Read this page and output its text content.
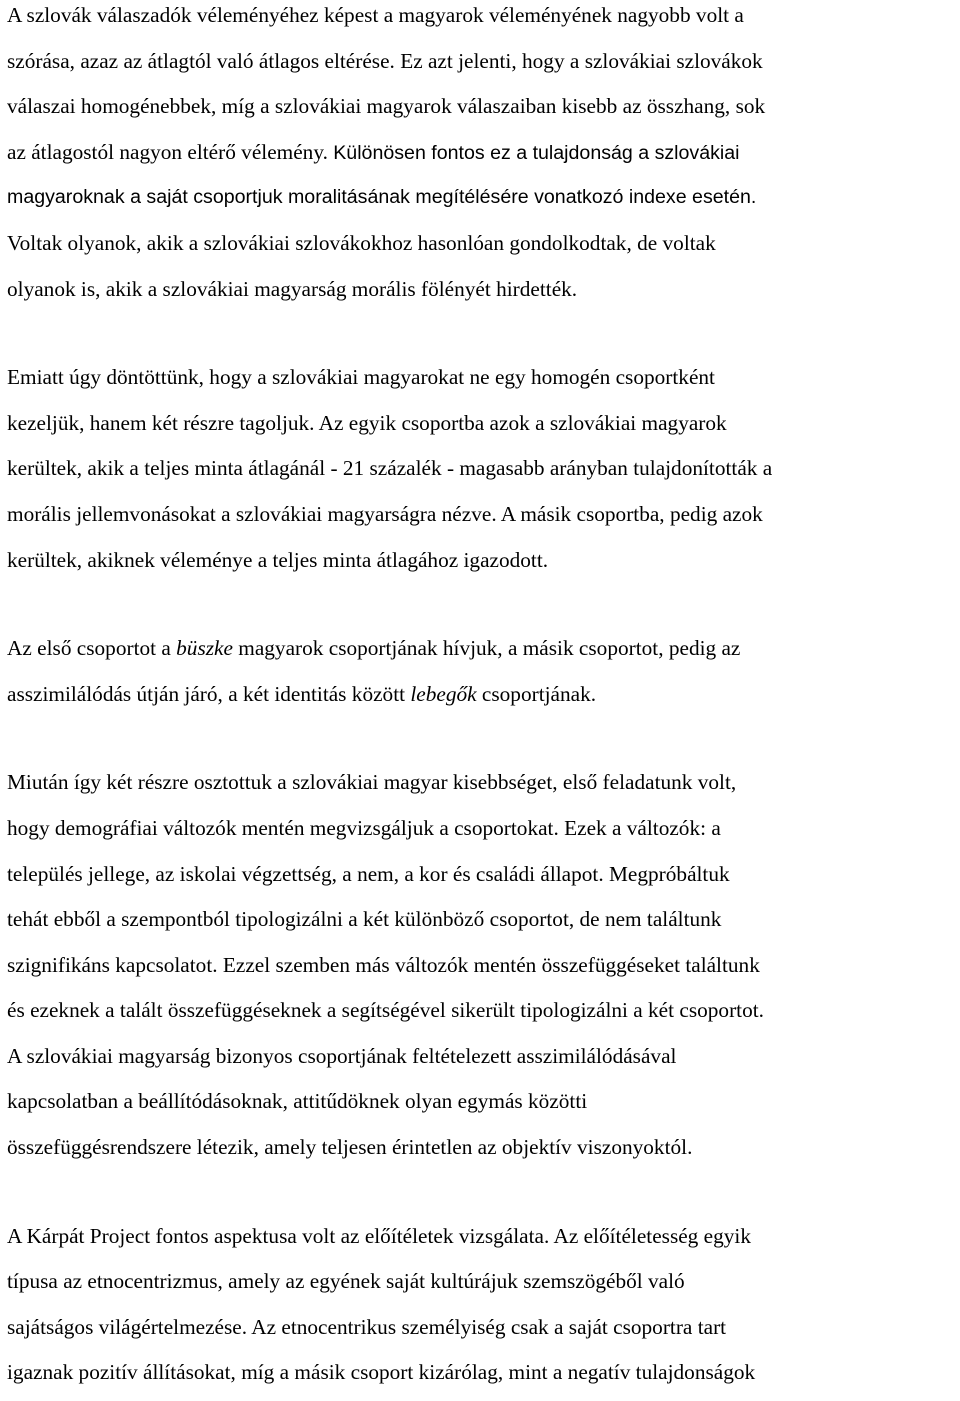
A szlovák válaszadók véleményéhez képest a magyarok véleményének nagyobb volt a
szórása, azaz az átlagtól való átlagos eltérése. Ez azt jelenti, hogy a szlovákiai szlovákok
válaszai homogénebbek, míg a szlovákiai magyarok válaszaiban kisebb az összhang, sok
az átlagostól nagyon eltérő vélemény. Különösen fontos ez a tulajdonság a szlovákiai
magyaroknak a saját csoportjuk moralitásának megítélésére vonatkozó indexe esetén.
Voltak olyanok, akik a szlovákiai szlovákokhoz hasonlóan gondolkodtak, de voltak
olyanok is, akik a szlovákiai magyarság morális fölényét hirdették.
Emiatt úgy döntöttünk, hogy a szlovákiai magyarokat ne egy homogén csoportként
kezeljük, hanem két részre tagoljuk. Az egyik csoportba azok a szlovákiai magyarok
kerültek, akik a teljes minta átlagánál - 21 százalék - magasabb arányban tulajdonították a
morális jellemvonásokat a szlovákiai magyarságra nézve. A másik csoportba, pedig azok
kerültek, akiknek véleménye a teljes minta átlagához igazodott.
Az első csoportot a büszke magyarok csoportjának hívjuk, a másik csoportot, pedig az
asszimilálódás útján járó, a két identitás között lebegők csoportjának.
Miután így két részre osztottuk a szlovákiai magyar kisebbséget, első feladatunk volt,
hogy demográfiai változók mentén megvizsgáljuk a csoportokat. Ezek a változók: a
település jellege, az iskolai végzettség, a nem, a kor és családi állapot. Megpróbáltuk
tehát ebből a szempontból tipologizálni a két különböző csoportot, de nem találtunk
szignifikáns kapcsolatot. Ezzel szemben más változók mentén összefüggéseket találtunk
és ezeknek a talált összefüggéseknek a segítségével sikerült tipologizálni a két csoportot.
A szlovákiai magyarság bizonyos csoportjának feltételezett asszimilálódásával
kapcsolatban a beállítódásoknak, attitűdöknek olyan egymás közötti
összefüggésrendszere létezik, amely teljesen érintetlen az objektív viszonyoktól.
A Kárpát Project fontos aspektusa volt az előítéletek vizsgálata. Az előítéletesség egyik
típusa az etnocentrizmus, amely az egyének saját kultúrájuk szemszögéből való
sajátságos világértelmezése. Az etnocentrikus személyiség csak a saját csoportra tart
igaznak pozitív állításokat, míg a másik csoport kizárólag, mint a negatív tulajdonságok
